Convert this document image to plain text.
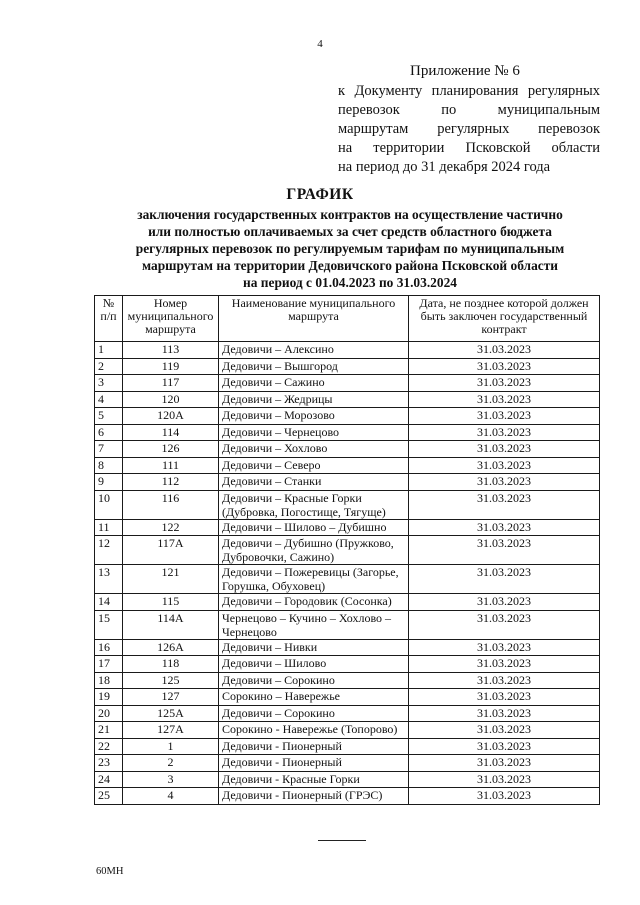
4
Приложение № 6
к Документу планирования регулярных
перевозок по муниципальным
маршрутам регулярных перевозок
на территории Псковской области
на период до 31 декабря 2024 года
ГРАФИК
заключения государственных контрактов на осуществление частично
или полностью оплачиваемых за счет средств областного бюджета
регулярных перевозок по регулируемым тарифам по муниципальным
маршрутам на территории Дедовичского района Псковской области
на период с 01.04.2023 по 31.03.2024
№ п/п	Номер муниципального маршрута	Наименование муниципального маршрута	Дата, не позднее которой должен быть заключен государственный контракт
1	113	Дедовичи – Алексино	31.03.2023
2	119	Дедовичи – Вышгород	31.03.2023
3	117	Дедовичи – Сажино	31.03.2023
4	120	Дедовичи – Жедрицы	31.03.2023
5	120А	Дедовичи – Морозово	31.03.2023
6	114	Дедовичи – Чернецово	31.03.2023
7	126	Дедовичи – Хохлово	31.03.2023
8	111	Дедовичи – Северо	31.03.2023
9	112	Дедовичи – Станки	31.03.2023
10	116	Дедовичи – Красные Горки (Дубровка, Погостище, Тягуще)	31.03.2023
11	122	Дедовичи – Шилово – Дубишно	31.03.2023
12	117А	Дедовичи – Дубишно (Пружково, Дубровочки, Сажино)	31.03.2023
13	121	Дедовичи – Пожеревицы (Загорье, Горушка, Обуховец)	31.03.2023
14	115	Дедовичи – Городовик (Сосонка)	31.03.2023
15	114А	Чернецово – Кучино – Хохлово – Чернецово	31.03.2023
16	126А	Дедовичи – Нивки	31.03.2023
17	118	Дедовичи – Шилово	31.03.2023
18	125	Дедовичи – Сорокино	31.03.2023
19	127	Сорокино – Навережье	31.03.2023
20	125А	Дедовичи – Сорокино	31.03.2023
21	127А	Сорокино - Навережье (Топорово)	31.03.2023
22	1	Дедовичи - Пионерный	31.03.2023
23	2	Дедовичи - Пионерный	31.03.2023
24	3	Дедовичи - Красные Горки	31.03.2023
25	4	Дедовичи - Пионерный (ГРЭС)	31.03.2023
60МН
